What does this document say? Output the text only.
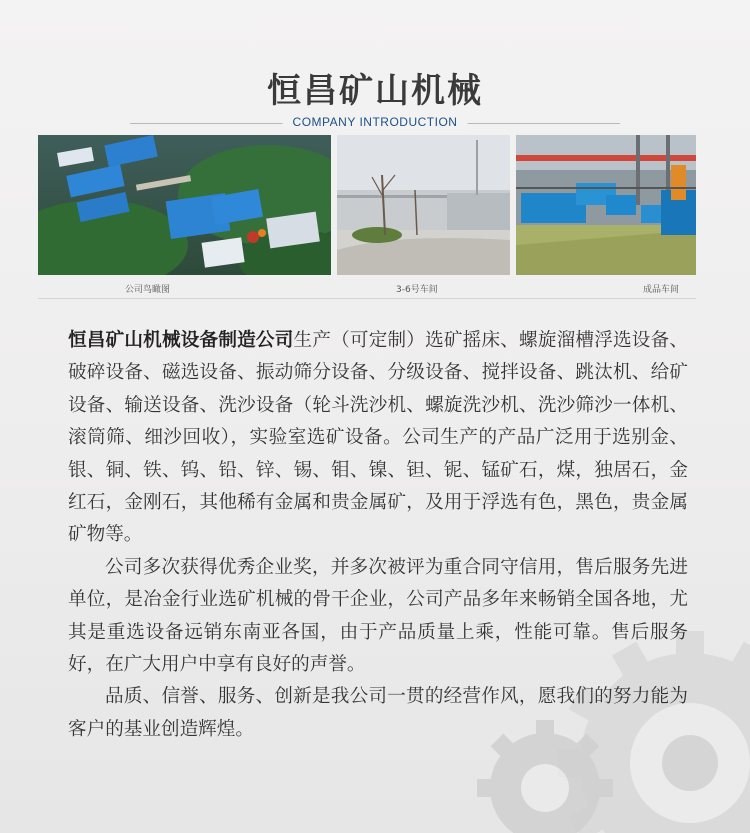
恒昌矿山机械
COMPANY INTRODUCTION
公司鸟瞰图	3-6号车间	成品车间

恒昌矿山机械设备制造公司生产（可定制）选矿摇床、螺旋溜槽浮选设备、破碎设备、磁选设备、振动筛分设备、分级设备、搅拌设备、跳汰机、给矿设备、输送设备、洗沙设备（轮斗洗沙机、螺旋洗沙机、洗沙筛沙一体机、滚筒筛、细沙回收），实验室选矿设备。公司生产的产品广泛用于选别金、银、铜、铁、钨、铅、锌、锡、钼、镍、钽、铌、锰矿石，煤，独居石，金红石，金刚石，其他稀有金属和贵金属矿，及用于浮选有色，黑色，贵金属矿物等。

公司多次获得优秀企业奖，并多次被评为重合同守信用，售后服务先进单位，是冶金行业选矿机械的骨干企业，公司产品多年来畅销全国各地，尤其是重选设备远销东南亚各国，由于产品质量上乘，性能可靠。售后服务好，在广大用户中享有良好的声誉。

品质、信誉、服务、创新是我公司一贯的经营作风，愿我们的努力能为客户的基业创造辉煌。
